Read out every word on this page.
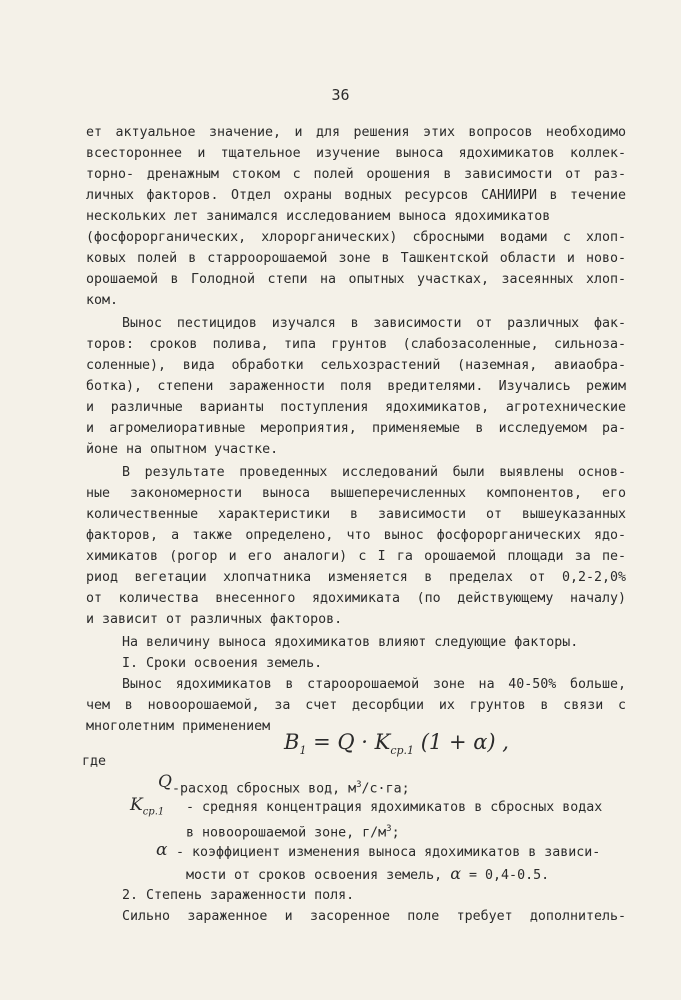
36
ет актуальное значение, и для решения этих вопросов необходимо
всестороннее и тщательное изучение выноса ядохимикатов коллек-
торно- дренажным стоком с полей орошения в зависимости от раз-
личных факторов. Отдел охраны водных ресурсов САНИИРИ в течение
нескольких лет занимался исследованием выноса ядохимикатов
(фосфорорганических, хлорорганических) сбросными водами с хлоп-
ковых полей в старроорошаемой зоне в Ташкентской области и ново-
орошаемой в Голодной степи на опытных участках, засеянных хлоп-
ком.
Вынос пестицидов изучался в зависимости от различных фак-
торов: сроков полива, типа грунтов (слабозасоленные, сильноза-
соленные), вида обработки сельхозрастений (наземная, авиаобра-
ботка), степени зараженности поля вредителями. Изучались режим
и различные варианты поступления ядохимикатов, агротехнические
и агромелиоративные мероприятия, применяемые в исследуемом ра-
йоне на опытном участке.
В результате проведенных исследований были выявлены основ-
ные закономерности выноса вышеперечисленных компонентов, его
количественные характеристики в зависимости от вышеуказанных
факторов, а также определено, что вынос фосфорорганических ядо-
химикатов (рогор и его аналоги) с I га орошаемой площади за пе-
риод вегетации хлопчатника изменяется в пределах от 0,2-2,0%
от количества внесенного ядохимиката (по действующему началу)
и зависит от различных факторов.
На величину выноса ядохимикатов влияют следующие факторы.
I. Сроки освоения земель.
Вынос ядохимикатов в староорошаемой зоне на 40-50% больше,
чем в новоорошаемой, за счет десорбции их грунтов в связи с
многолетним применением
$B_1 = Q \cdot K_{ср.1}$ (1 + α) ,
где
Q -расход сбросных вод, $м^3/с\cdot га$;
$K_{ср.1}$ - средняя концентрация ядохимикатов в сбросных водах
в новоорошаемой зоне, $г/м^3$;
α - коэффициент изменения выноса ядохимикатов в зависи-
мости от сроков освоения земель, α = 0,4-0.5.
2. Степень зараженности поля.
Сильно зараженное и засоренное поле требует дополнитель-
